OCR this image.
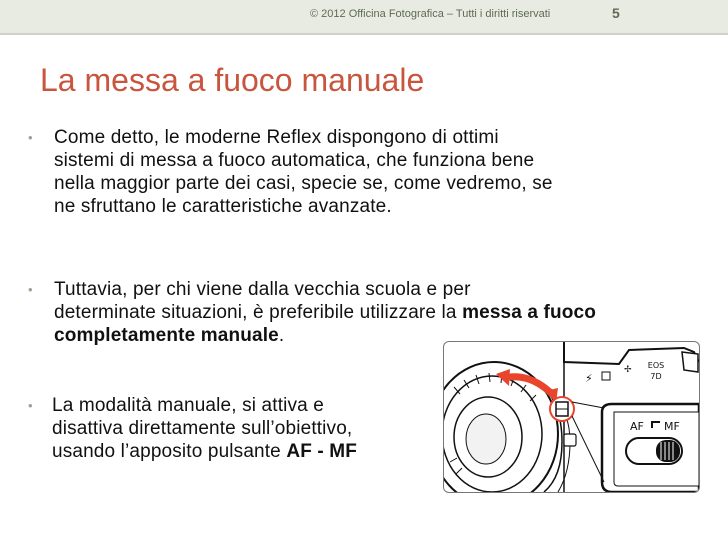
© 2012 Officina Fotografica – Tutti i diritti riservati	5
La messa a fuoco manuale
• Come detto, le moderne Reflex dispongono di ottimi
sistemi di messa a fuoco automatica, che funziona bene
nella maggior parte dei casi, specie se, come vedremo, se
ne sfruttano le caratteristiche avanzate.
• Tuttavia, per chi viene dalla vecchia scuola e per
determinate situazioni, è preferibile utilizzare la messa a fuoco completamente manuale.
• La modalità manuale, si attiva e
disattiva direttamente sull’obiettivo,
usando l’apposito pulsante AF - MF
⚡
✢ EOS
7D
AF MF
